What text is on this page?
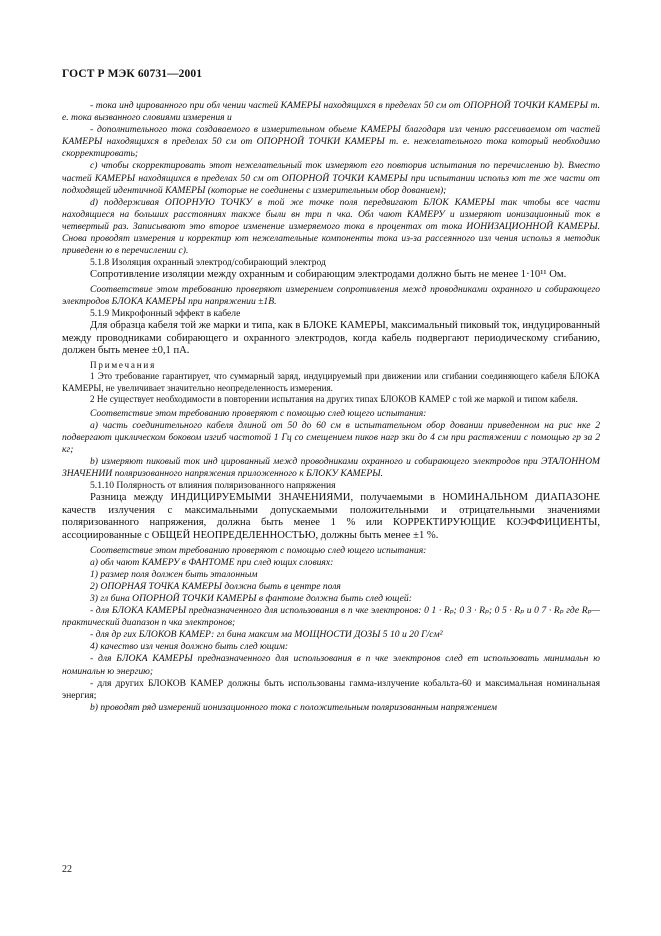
ГОСТ Р МЭК 60731—2001

- тока инд цированного при обл чении частей КАМЕРЫ находящихся в пределах 50 см от ОПОРНОЙ ТОЧКИ КАМЕРЫ т. е. тока вызванного словиями измерения и

- дополнительного тока создаваемого в измерительном обьеме КАМЕРЫ благодаря изл чению рассеиваемом от частей КАМЕРЫ находящихся в пределах 50 см от ОПОРНОЙ ТОЧКИ КАМЕРЫ т. е. нежелательного тока который необходимо скорректировать;

c) чтобы скорректировать этот нежелательный ток измеряют его повторив испытания по перечислению b). Вместо частей КАМЕРЫ находящихся в пределах 50 см от ОПОРНОЙ ТОЧКИ КАМЕРЫ при испытании использ ют те же части от подходящей идентичной КАМЕРЫ (которые не соединены с измерительным обор дованием);

d) поддерживая ОПОРНУЮ ТОЧКУ в той же точке поля передвигают БЛОК КАМЕРЫ так чтобы все части находящиеся на больших расстояниях также были вн три п чка. Обл чают КАМЕРУ и измеряют ионизационный ток в четвертый раз. Записывают это второе изменение измеряемого тока в процентах от тока ИОНИЗАЦИОННОЙ КАМЕРЫ. Снова проводят измерения и корректир ют нежелательные компоненты тока из-за рассеянного изл чения использ я методик приведенн ю в перечислении c).

5.1.8 Изоляция охранный электрод/собирающий электрод

Сопротивление изоляции между охранным и собирающим электродами должно быть не менее 1·10¹¹ Ом.

Соответствие этом требованию проверяют измерением сопротивления межд проводниками охранного и собирающего электродов БЛОКА КАМЕРЫ при напряжении ±1В.

5.1.9 Микрофонный эффект в кабеле

Для образца кабеля той же марки и типа, как в БЛОКЕ КАМЕРЫ, максимальный пиковый ток, индуцированный между проводниками собирающего и охранного электродов, когда кабель подвергают периодическому сгибанию, должен быть менее ±0,1 пА.

Примечания

1 Это требование гарантирует, что суммарный заряд, индуцируемый при движении или сгибании соединяющего кабеля БЛОКА КАМЕРЫ, не увеличивает значительно неопределенность измерения.

2 Не существует необходимости в повторении испытания на других типах БЛОКОВ КАМЕР с той же маркой и типом кабеля.

Соответствие этом требованию проверяют с помощью след ющего испытания:

a) часть соединительного кабеля длиной от 50 до 60 см в испытательном обор довании приведенном на рис нке 2 подвергают циклическом боковом изгиб частотой 1 Гц со смещением пиков нагр зки до 4 см при растяжении с помощью гр за 2 кг;

b) измеряют пиковый ток инд цированный межд проводниками охранного и собирающего электродов при ЭТАЛОННОМ ЗНАЧЕНИИ поляризованного напряжения приложенного к БЛОКУ КАМЕРЫ.

5.1.10 Полярность от влияния поляризованного напряжения

Разница между ИНДИЦИРУЕМЫМИ ЗНАЧЕНИЯМИ, получаемыми в НОМИНАЛЬНОМ ДИАПАЗОНЕ качеств излучения с максимальными допускаемыми положительными и отрицательными значениями поляризованного напряжения, должна быть менее 1 % или КОРРЕКТИРУЮЩИЕ КОЭФФИЦИЕНТЫ, ассоциированные с ОБЩЕЙ НЕОПРЕДЕЛЕННОСТЬЮ, должны быть менее ±1 %.

Соответствие этом требованию проверяют с помощью след ющего испытания:

a) обл чают КАМЕРУ в ФАНТОМЕ при след ющих словиях:

1) размер поля должен быть эталонным

2) ОПОРНАЯ ТОЧКА КАМЕРЫ должна быть в центре поля

3) гл бина ОПОРНОЙ ТОЧКИ КАМЕРЫ в фантоме должна быть след ющей:

- для БЛОКА КАМЕРЫ предназначенного для использования в п чке электронов: 0 1 · Rₚ; 0 3 · Rₚ; 0 5 · Rₚ и 0 7 · Rₚ где Rₚ— практический диапазон п чка электронов;

- для др гих БЛОКОВ КАМЕР: гл бина максим ма МОЩНОСТИ ДОЗЫ 5 10 и 20 Г/см²

4) качество изл чения должно быть след ющим:

- для БЛОКА КАМЕРЫ предназначенного для использования в п чке электронов след ет использовать минимальн ю номинальн ю энергию;

- для других БЛОКОВ КАМЕР должны быть использованы гамма-излучение кобальта-60 и максимальная номинальная энергия;

b) проводят ряд измерений ионизационного тока с положительным поляризованным напряжением

22
